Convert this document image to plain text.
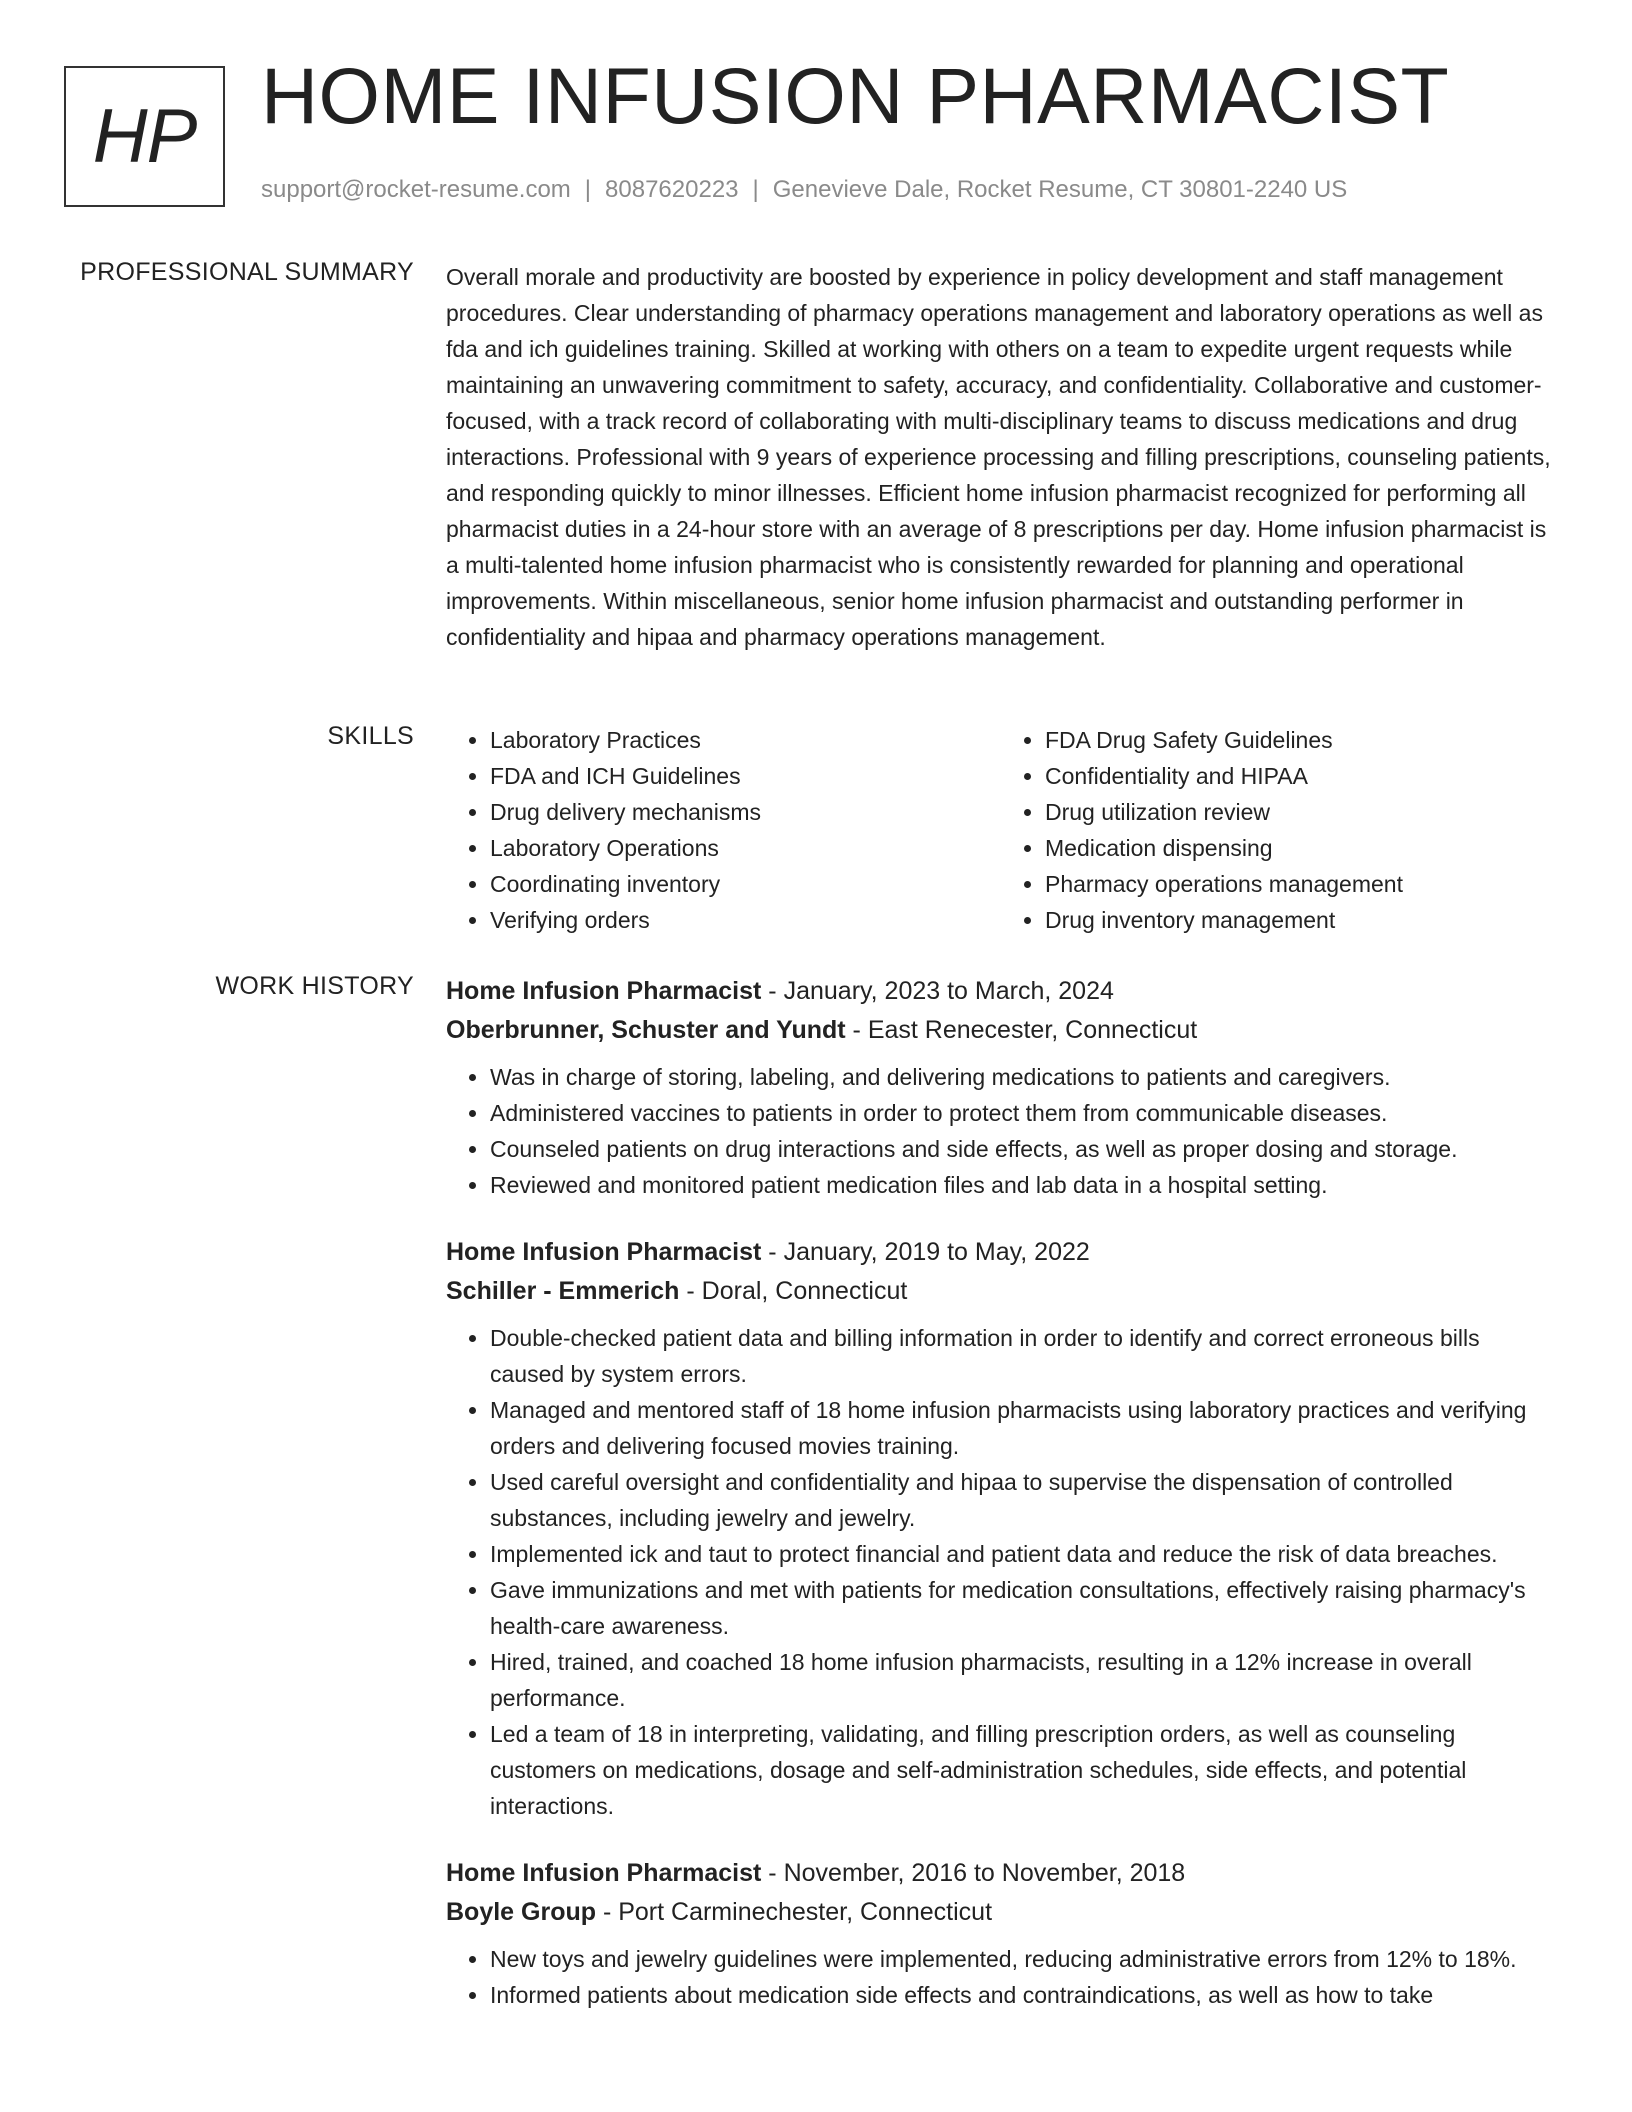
HP HOME INFUSION PHARMACIST
support@rocket-resume.com | 8087620223 | Genevieve Dale, Rocket Resume, CT 30801-2240 US
PROFESSIONAL SUMMARY Overall morale and productivity are boosted by experience in policy development and staff management procedures. Clear understanding of pharmacy operations management and laboratory operations as well as fda and ich guidelines training. Skilled at working with others on a team to expedite urgent requests while maintaining an unwavering commitment to safety, accuracy, and confidentiality. Collaborative and customer-focused, with a track record of collaborating with multi-disciplinary teams to discuss medications and drug interactions. Professional with 9 years of experience processing and filling prescriptions, counseling patients, and responding quickly to minor illnesses. Efficient home infusion pharmacist recognized for performing all pharmacist duties in a 24-hour store with an average of 8 prescriptions per day. Home infusion pharmacist is a multi-talented home infusion pharmacist who is consistently rewarded for planning and operational improvements. Within miscellaneous, senior home infusion pharmacist and outstanding performer in confidentiality and hipaa and pharmacy operations management.

SKILLS
•	Laboratory Practices
• FDA and ICH Guidelines
• Drug delivery mechanisms
• Laboratory Operations
• Coordinating inventory
• Verifying orders
• FDA Drug Safety Guidelines
• Confidentiality and HIPAA
• Drug utilization review
• Medication dispensing
• Pharmacy operations management
• Drug inventory management
WORK HISTORY Home Infusion Pharmacist - January, 2023 to March, 2024
Oberbrunner, Schuster and Yundt - East Renecester, Connecticut
• Was in charge of storing, labeling, and delivering medications to patients and caregivers.
• Administered vaccines to patients in order to protect them from communicable diseases.
• Counseled patients on drug interactions and side effects, as well as proper dosing and storage.
• Reviewed and monitored patient medication files and lab data in a hospital setting.
Home Infusion Pharmacist - January, 2019 to May, 2022
Schiller - Emmerich - Doral, Connecticut
• Double-checked patient data and billing information in order to identify and correct erroneous bills caused by system errors.
• Managed and mentored staff of 18 home infusion pharmacists using laboratory practices and verifying orders and delivering focused movies training.
• Used careful oversight and confidentiality and hipaa to supervise the dispensation of controlled substances, including jewelry and jewelry.
• Implemented ick and taut to protect financial and patient data and reduce the risk of data breaches.
• Gave immunizations and met with patients for medication consultations, effectively raising pharmacy's health-care awareness.
• Hired, trained, and coached 18 home infusion pharmacists, resulting in a 12% increase in overall performance.
• Led a team of 18 in interpreting, validating, and filling prescription orders, as well as counseling customers on medications, dosage and self-administration schedules, side effects, and potential interactions.
Home Infusion Pharmacist - November, 2016 to November, 2018
Boyle Group - Port Carminechester, Connecticut
• New toys and jewelry guidelines were implemented, reducing administrative errors from 12% to 18%.
• Informed patients about medication side effects and contraindications, as well as how to take
